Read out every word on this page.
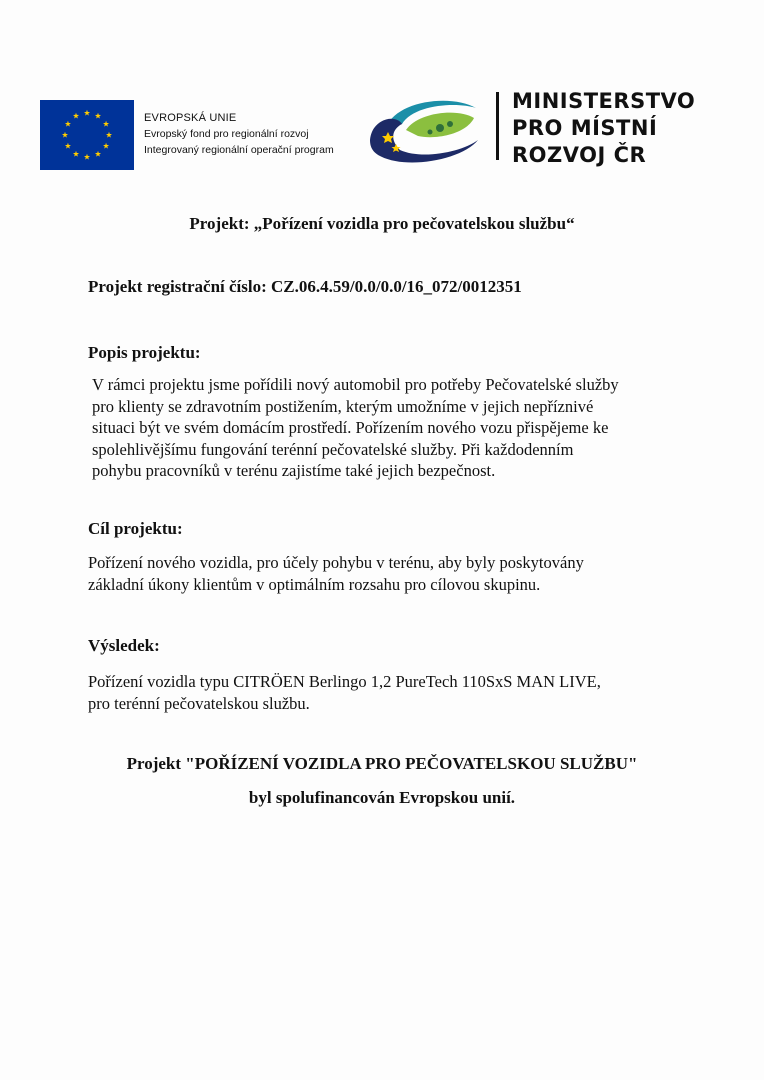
EVROPSKÁ UNIE
Evropský fond pro regionální rozvoj
Integrovaný regionální operační program
MINISTERSTVO
PRO MÍSTNÍ
ROZVOJ ČR
Projekt: „Pořízení vozidla pro pečovatelskou službu“
Projekt registrační číslo: CZ.06.4.59/0.0/0.0/16_072/0012351
Popis projektu:
V rámci projektu jsme pořídili nový automobil pro potřeby Pečovatelské služby
pro klienty se zdravotním postižením, kterým umožníme v jejich nepříznivé
situaci být ve svém domácím prostředí. Pořízením nového vozu přispějeme ke
spolehlivějšímu fungování terénní pečovatelské služby. Při každodenním
pohybu pracovníků v terénu zajistíme také jejich bezpečnost.
Cíl projektu:
Pořízení nového vozidla, pro účely pohybu v terénu, aby byly poskytovány
základní úkony klientům v optimálním rozsahu pro cílovou skupinu.
Výsledek:
Pořízení vozidla typu CITRÖEN Berlingo 1,2 PureTech 110SxS MAN LIVE,
pro terénní pečovatelskou službu.
Projekt "POŘÍZENÍ VOZIDLA PRO PEČOVATELSKOU SLUŽBU"
byl spolufinancován Evropskou unií.
